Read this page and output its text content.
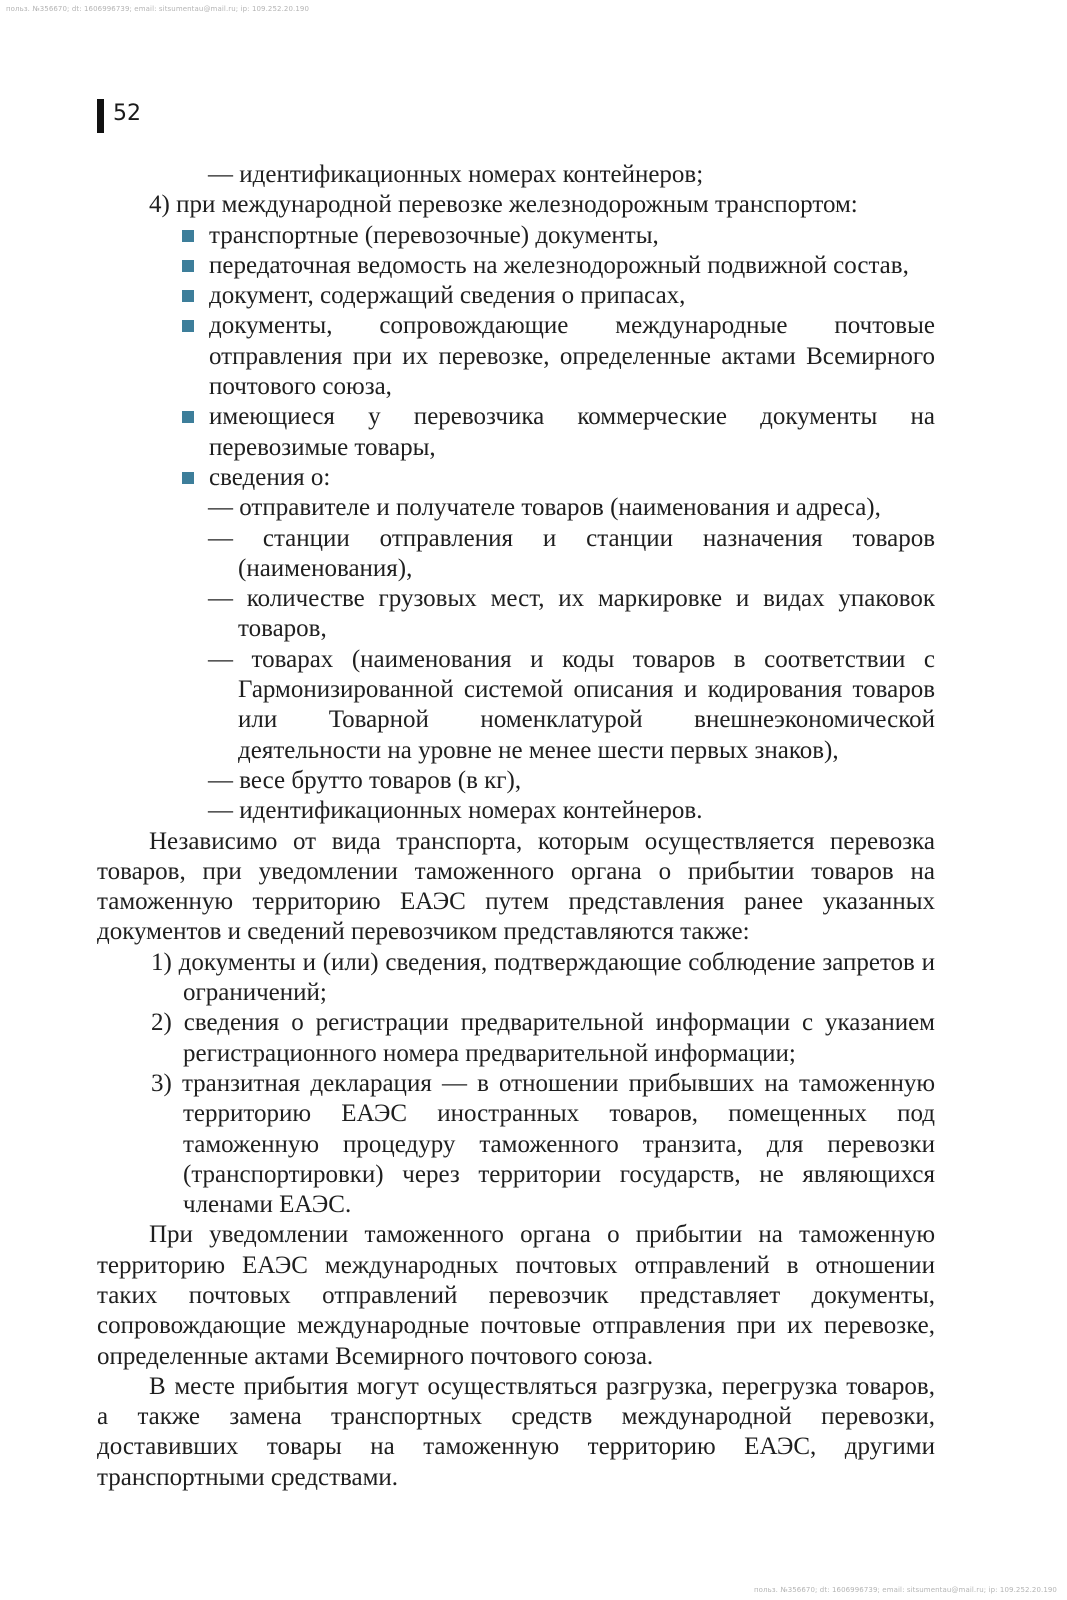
польз. №356670; dt: 1606996739; email: sitsumentau@mail.ru; ip: 109.252.20.190
52

— идентификационных номерах контейнеров;

4) при международной перевозке железнодорожным транспортом:

транспортные (перевозочные) документы,
передаточная ведомость на железнодорожный подвижной состав,
документ, содержащий сведения о припасах,
документы, сопровождающие международные почтовые отправления при их перевозке, определенные актами Всемирного почтового союза,
имеющиеся у перевозчика коммерческие документы на перевозимые товары,
сведения о:

— отправителе и получателе товаров (наименования и адреса),

— станции отправления и станции назначения товаров (наименования),

— количестве грузовых мест, их маркировке и видах упаковок товаров,

— товарах (наименования и коды товаров в соответствии с Гармонизированной системой описания и кодирования товаров или Товарной номенклатурой внешнеэкономической деятельности на уровне не менее шести первых знаков),

— весе брутто товаров (в кг),

— идентификационных номерах контейнеров.

Независимо от вида транспорта, которым осуществляется перевозка товаров, при уведомлении таможенного органа о прибытии товаров на таможенную территорию ЕАЭС путем представления ранее указанных документов и сведений перевозчиком представляются также:

1) документы и (или) сведения, подтверждающие соблюдение запретов и ограничений;

2) сведения о регистрации предварительной информации с указанием регистрационного номера предварительной информации;

3) транзитная декларация — в отношении прибывших на таможенную территорию ЕАЭС иностранных товаров, помещенных под таможенную процедуру таможенного транзита, для перевозки (транспортировки) через территории государств, не являющихся членами ЕАЭС.

При уведомлении таможенного органа о прибытии на таможенную территорию ЕАЭС международных почтовых отправлений в отношении таких почтовых отправлений перевозчик представляет документы, сопровождающие международные почтовые отправления при их перевозке, определенные актами Всемирного почтового союза.

В месте прибытия могут осуществляться разгрузка, перегрузка товаров, а также замена транспортных средств международной перевозки, доставивших товары на таможенную территорию ЕАЭС, другими транспортными средствами.

польз. №356670; dt: 1606996739; email: sitsumentau@mail.ru; ip: 109.252.20.190
